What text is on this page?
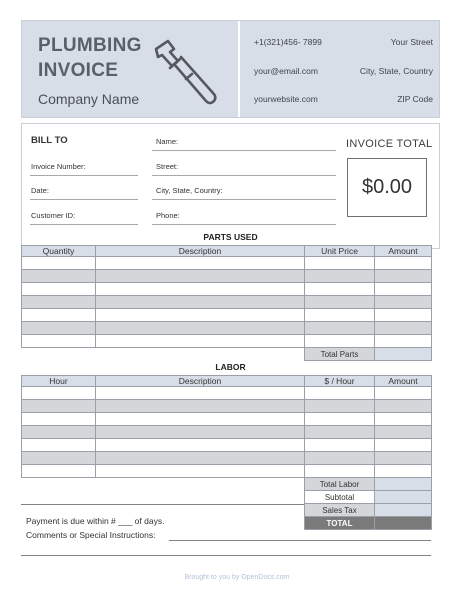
PLUMBING
INVOICE
Company Name
+1(321)456- 7899
your@email.com
yourwebsite.com
Your Street
City, State, Country
ZIP Code
BILL TO
Invoice Number:
Date:
Customer ID:
Name:
Street:
City, State, Country:
Phone:
INVOICE TOTAL
$0.00
PARTS USED
Quantity	Description	Unit Price	Amount

		Total Parts	
LABOR
Hour	Description	$ / Hour	Amount

		Total Labor	
		Subtotal	
		Sales Tax	
		TOTAL	
Payment is due within # ___ of days.
Comments or Special Instructions:
Brought to you by OpenDocs.com
